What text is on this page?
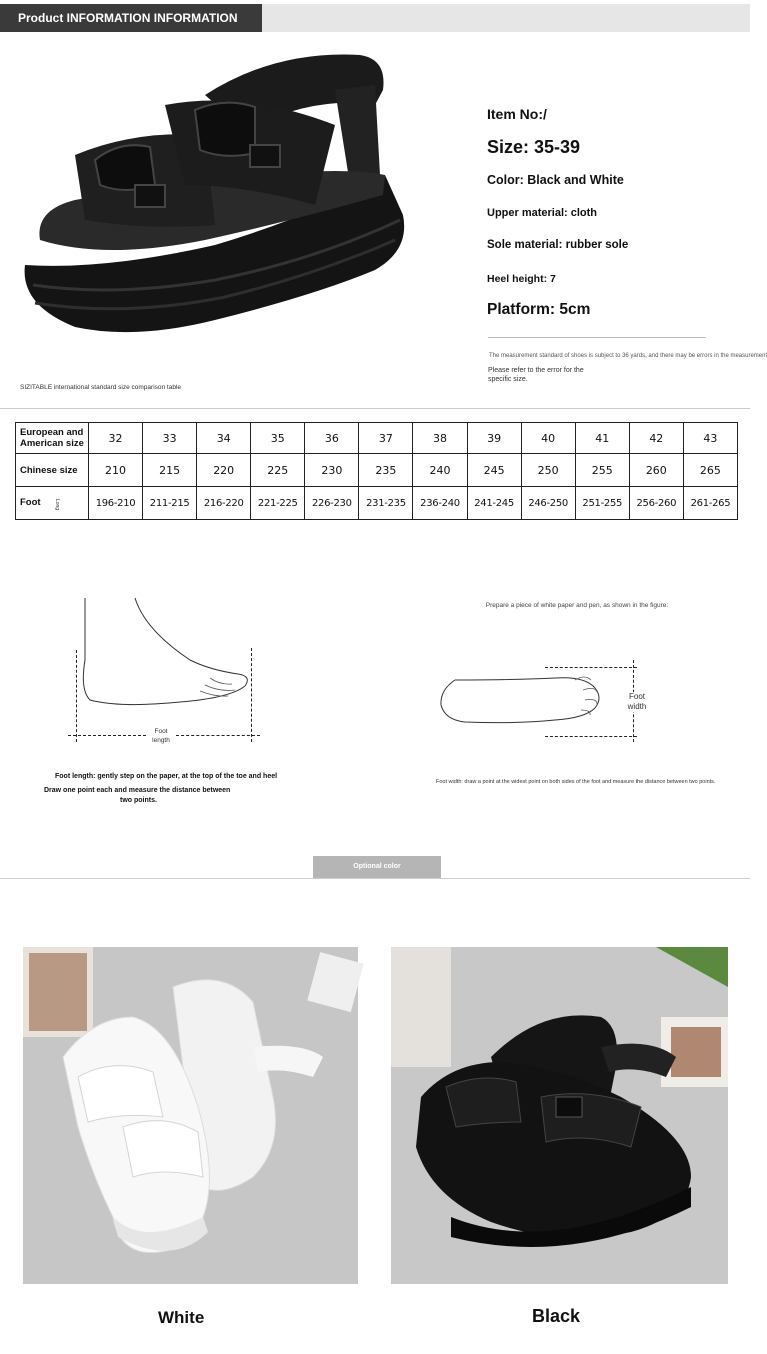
Product INFORMATION INFORMATION
Item No:/
Size: 35-39
Color: Black and White
Upper material: cloth
Sole material: rubber sole
Heel height: 7
Platform: 5cm
The measurement standard of shoes is subject to 36 yards, and there may be errors in the measurement
Please refer to the error for the
specific size.
SIZITABLE international standard size comparison table
European and American size	32	33	34	35	36	37	38	39	40	41	42	43
Chinese size	210	215	220	225	230	235	240	245	250	255	260	265
Foot Long	196-210	211-215	216-220	221-225	226-230	231-235	236-240	241-245	246-250	251-255	256-260	261-265
Foot length
Prepare a piece of white paper and pen, as shown in the figure:
Foot width
Foot length: gently step on the paper, at the top of the toe and heel
Draw one point each and measure the distance between
two points.
Foot width: draw a point at the widest point on both sides of the foot and measure the distance between two points.
Optional color
White	Black
